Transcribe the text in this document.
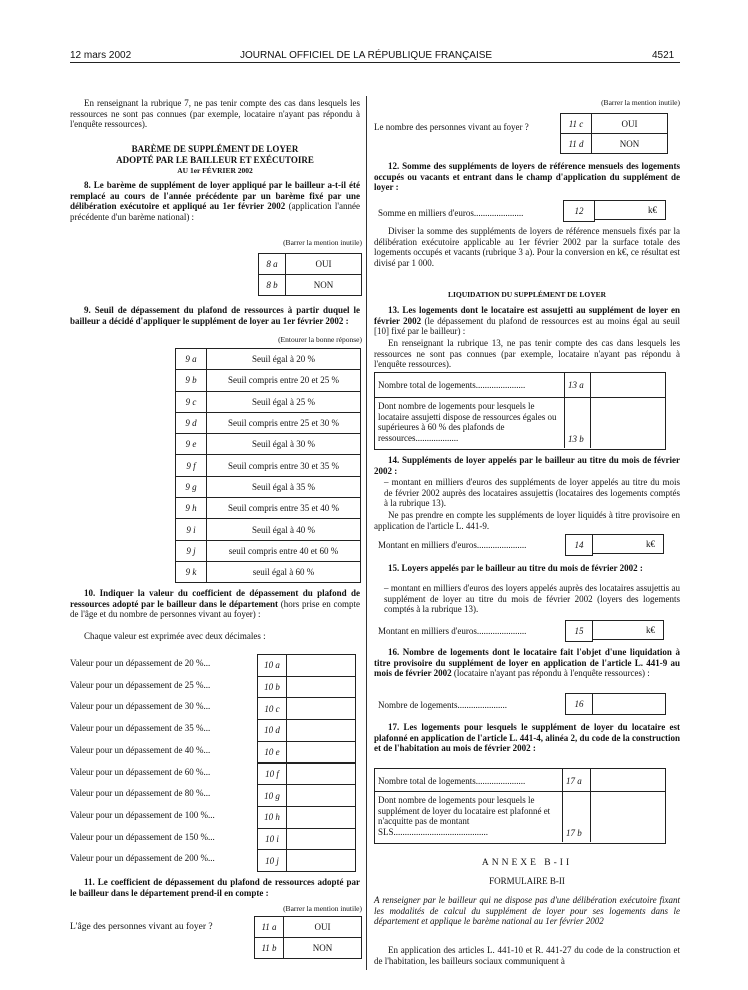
12 mars 2002	JOURNAL OFFICIEL DE LA RÉPUBLIQUE FRANÇAISE	4521
En renseignant la rubrique 7, ne pas tenir compte des cas dans lesquels les ressources ne sont pas connues (par exemple, locataire n'ayant pas répondu à l'enquête ressources).
BARÈME DE SUPPLÉMENT DE LOYER
ADOPTÉ PAR LE BAILLEUR ET EXÉCUTOIRE
AU 1er FÉVRIER 2002
8. Le barème de supplément de loyer appliqué par le bailleur a-t-il été remplacé au cours de l'année précédente par un barème fixé par une délibération exécutoire et appliqué au 1er février 2002 (application l'année précédente d'un barème national) :
(Barrer la mention inutile)
8 a	OUI
8 b	NON
9. Seuil de dépassement du plafond de ressources à partir duquel le bailleur a décidé d'appliquer le supplément de loyer au 1er février 2002 :
(Entourer la bonne réponse)
9 a	Seuil égal à 20 %
9 b	Seuil compris entre 20 et 25 %
9 c	Seuil égal à 25 %
9 d	Seuil compris entre 25 et 30 %
9 e	Seuil égal à 30 %
9 f	Seuil compris entre 30 et 35 %
9 g	Seuil égal à 35 %
9 h	Seuil compris entre 35 et 40 %
9 i	Seuil égal à 40 %
9 j	seuil compris entre 40 et 60 %
9 k	seuil égal à 60 %
10. Indiquer la valeur du coefficient de dépassement du plafond de ressources adopté par le bailleur dans le département (hors prise en compte de l'âge et du nombre de personnes vivant au foyer) :
Chaque valeur est exprimée avec deux décimales :
Valeur pour un dépassement de 20 %...	10 a
Valeur pour un dépassement de 25 %...	10 b
Valeur pour un dépassement de 30 %...	10 c
Valeur pour un dépassement de 35 %...	10 d
Valeur pour un dépassement de 40 %...	10 e
Valeur pour un dépassement de 60 %...	10 f
Valeur pour un dépassement de 80 %...	10 g
Valeur pour un dépassement de 100 %...	10 h
Valeur pour un dépassement de 150 %...	10 i
Valeur pour un dépassement de 200 %...	10 j
11. Le coefficient de dépassement du plafond de ressources adopté par le bailleur dans le département prend-il en compte :
(Barrer la mention inutile)
L'âge des personnes vivant au foyer ?	11 a	OUI
11 b	NON
(Barrer la mention inutile)
Le nombre des personnes vivant au foyer ?	11 c	OUI
11 d	NON
12. Somme des suppléments de loyers de référence mensuels des logements occupés ou vacants et entrant dans le champ d'application du supplément de loyer :
Somme en milliers d'euros......................	12	k€
Diviser la somme des suppléments de loyers de référence mensuels fixés par la délibération exécutoire applicable au 1er février 2002 par la surface totale des logements occupés et vacants (rubrique 3 a). Pour la conversion en k€, ce résultat est divisé par 1 000.
LIQUIDATION DU SUPPLÉMENT DE LOYER
13. Les logements dont le locataire est assujetti au supplément de loyer en février 2002 (le dépassement du plafond de ressources est au moins égal au seuil [10] fixé par le bailleur) :
En renseignant la rubrique 13, ne pas tenir compte des cas dans lesquels les ressources ne sont pas connues (par exemple, locataire n'ayant pas répondu à l'enquête ressources).
Nombre total de logements......................	13 a
Dont nombre de logements pour lesquels le locataire assujetti dispose de ressources égales ou supérieures à 60 % des plafonds de ressources...................	13 b
14. Suppléments de loyer appelés par le bailleur au titre du mois de février 2002 :
– montant en milliers d'euros des suppléments de loyer appelés au titre du mois de février 2002 auprès des locataires assujettis (locataires des logements comptés à la rubrique 13).
Ne pas prendre en compte les suppléments de loyer liquidés à titre provisoire en application de l'article L. 441-9.
Montant en milliers d'euros......................	14	k€
15. Loyers appelés par le bailleur au titre du mois de février 2002 :
– montant en milliers d'euros des loyers appelés auprès des locataires assujettis au supplément de loyer au titre du mois de février 2002 (loyers des logements comptés à la rubrique 13).
Montant en milliers d'euros......................	15	k€
16. Nombre de logements dont le locataire fait l'objet d'une liquidation à titre provisoire du supplément de loyer en application de l'article L. 441-9 au mois de février 2002 (locataire n'ayant pas répondu à l'enquête ressources) :
Nombre de logements......................	16
17. Les logements pour lesquels le supplément de loyer du locataire est plafonné en application de l'article L. 441-4, alinéa 2, du code de la construction et de l'habitation au mois de février 2002 :
Nombre total de logements......................	17 a
Dont nombre de logements pour lesquels le supplément de loyer du locataire est plafonné et n'acquitte pas de montant SLS..........................................	17 b
ANNEXE B-II
FORMULAIRE B-II
A renseigner par le bailleur qui ne dispose pas d'une délibération exécutoire fixant les modalités de calcul du supplément de loyer pour ses logements dans le département et applique le barème national au 1er février 2002
En application des articles L. 441-10 et R. 441-27 du code de la construction et de l'habitation, les bailleurs sociaux communiquent à
